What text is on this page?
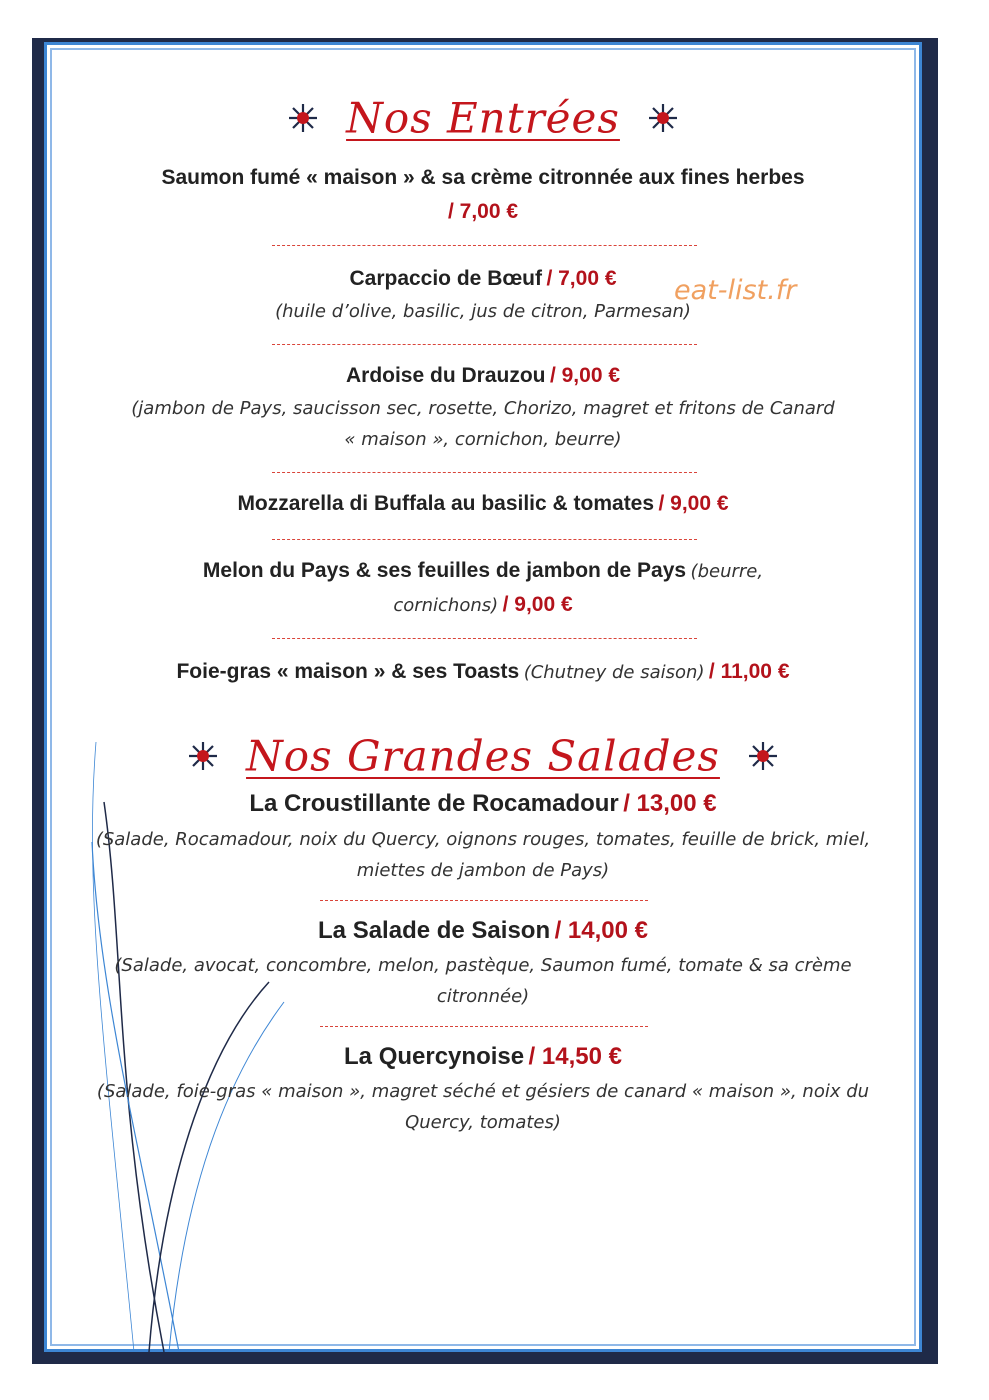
eat-list.fr
Nos Entrées
Saumon fumé « maison » & sa crème citronnée aux fines herbes
/ 7,00 €
Carpaccio de Bœuf / 7,00 €
(huile d’olive, basilic, jus de citron, Parmesan)
Ardoise du Drauzou / 9,00 €
(jambon de Pays, saucisson sec, rosette, Chorizo, magret et fritons de Canard
« maison », cornichon, beurre)
Mozzarella di Buffala au basilic & tomates / 9,00 €
Melon du Pays & ses feuilles de jambon de Pays (beurre,
cornichons) / 9,00 €
Foie-gras « maison » & ses Toasts (Chutney de saison) / 11,00 €
Nos Grandes Salades
La Croustillante de Rocamadour / 13,00 €
(Salade, Rocamadour, noix du Quercy, oignons rouges, tomates, feuille de brick, miel,
miettes de jambon de Pays)
La Salade de Saison / 14,00 €
(Salade, avocat, concombre, melon, pastèque, Saumon fumé, tomate & sa crème
citronnée)
La Quercynoise / 14,50 €
(Salade, foie-gras « maison », magret séché et gésiers de canard « maison », noix du
Quercy, tomates)
